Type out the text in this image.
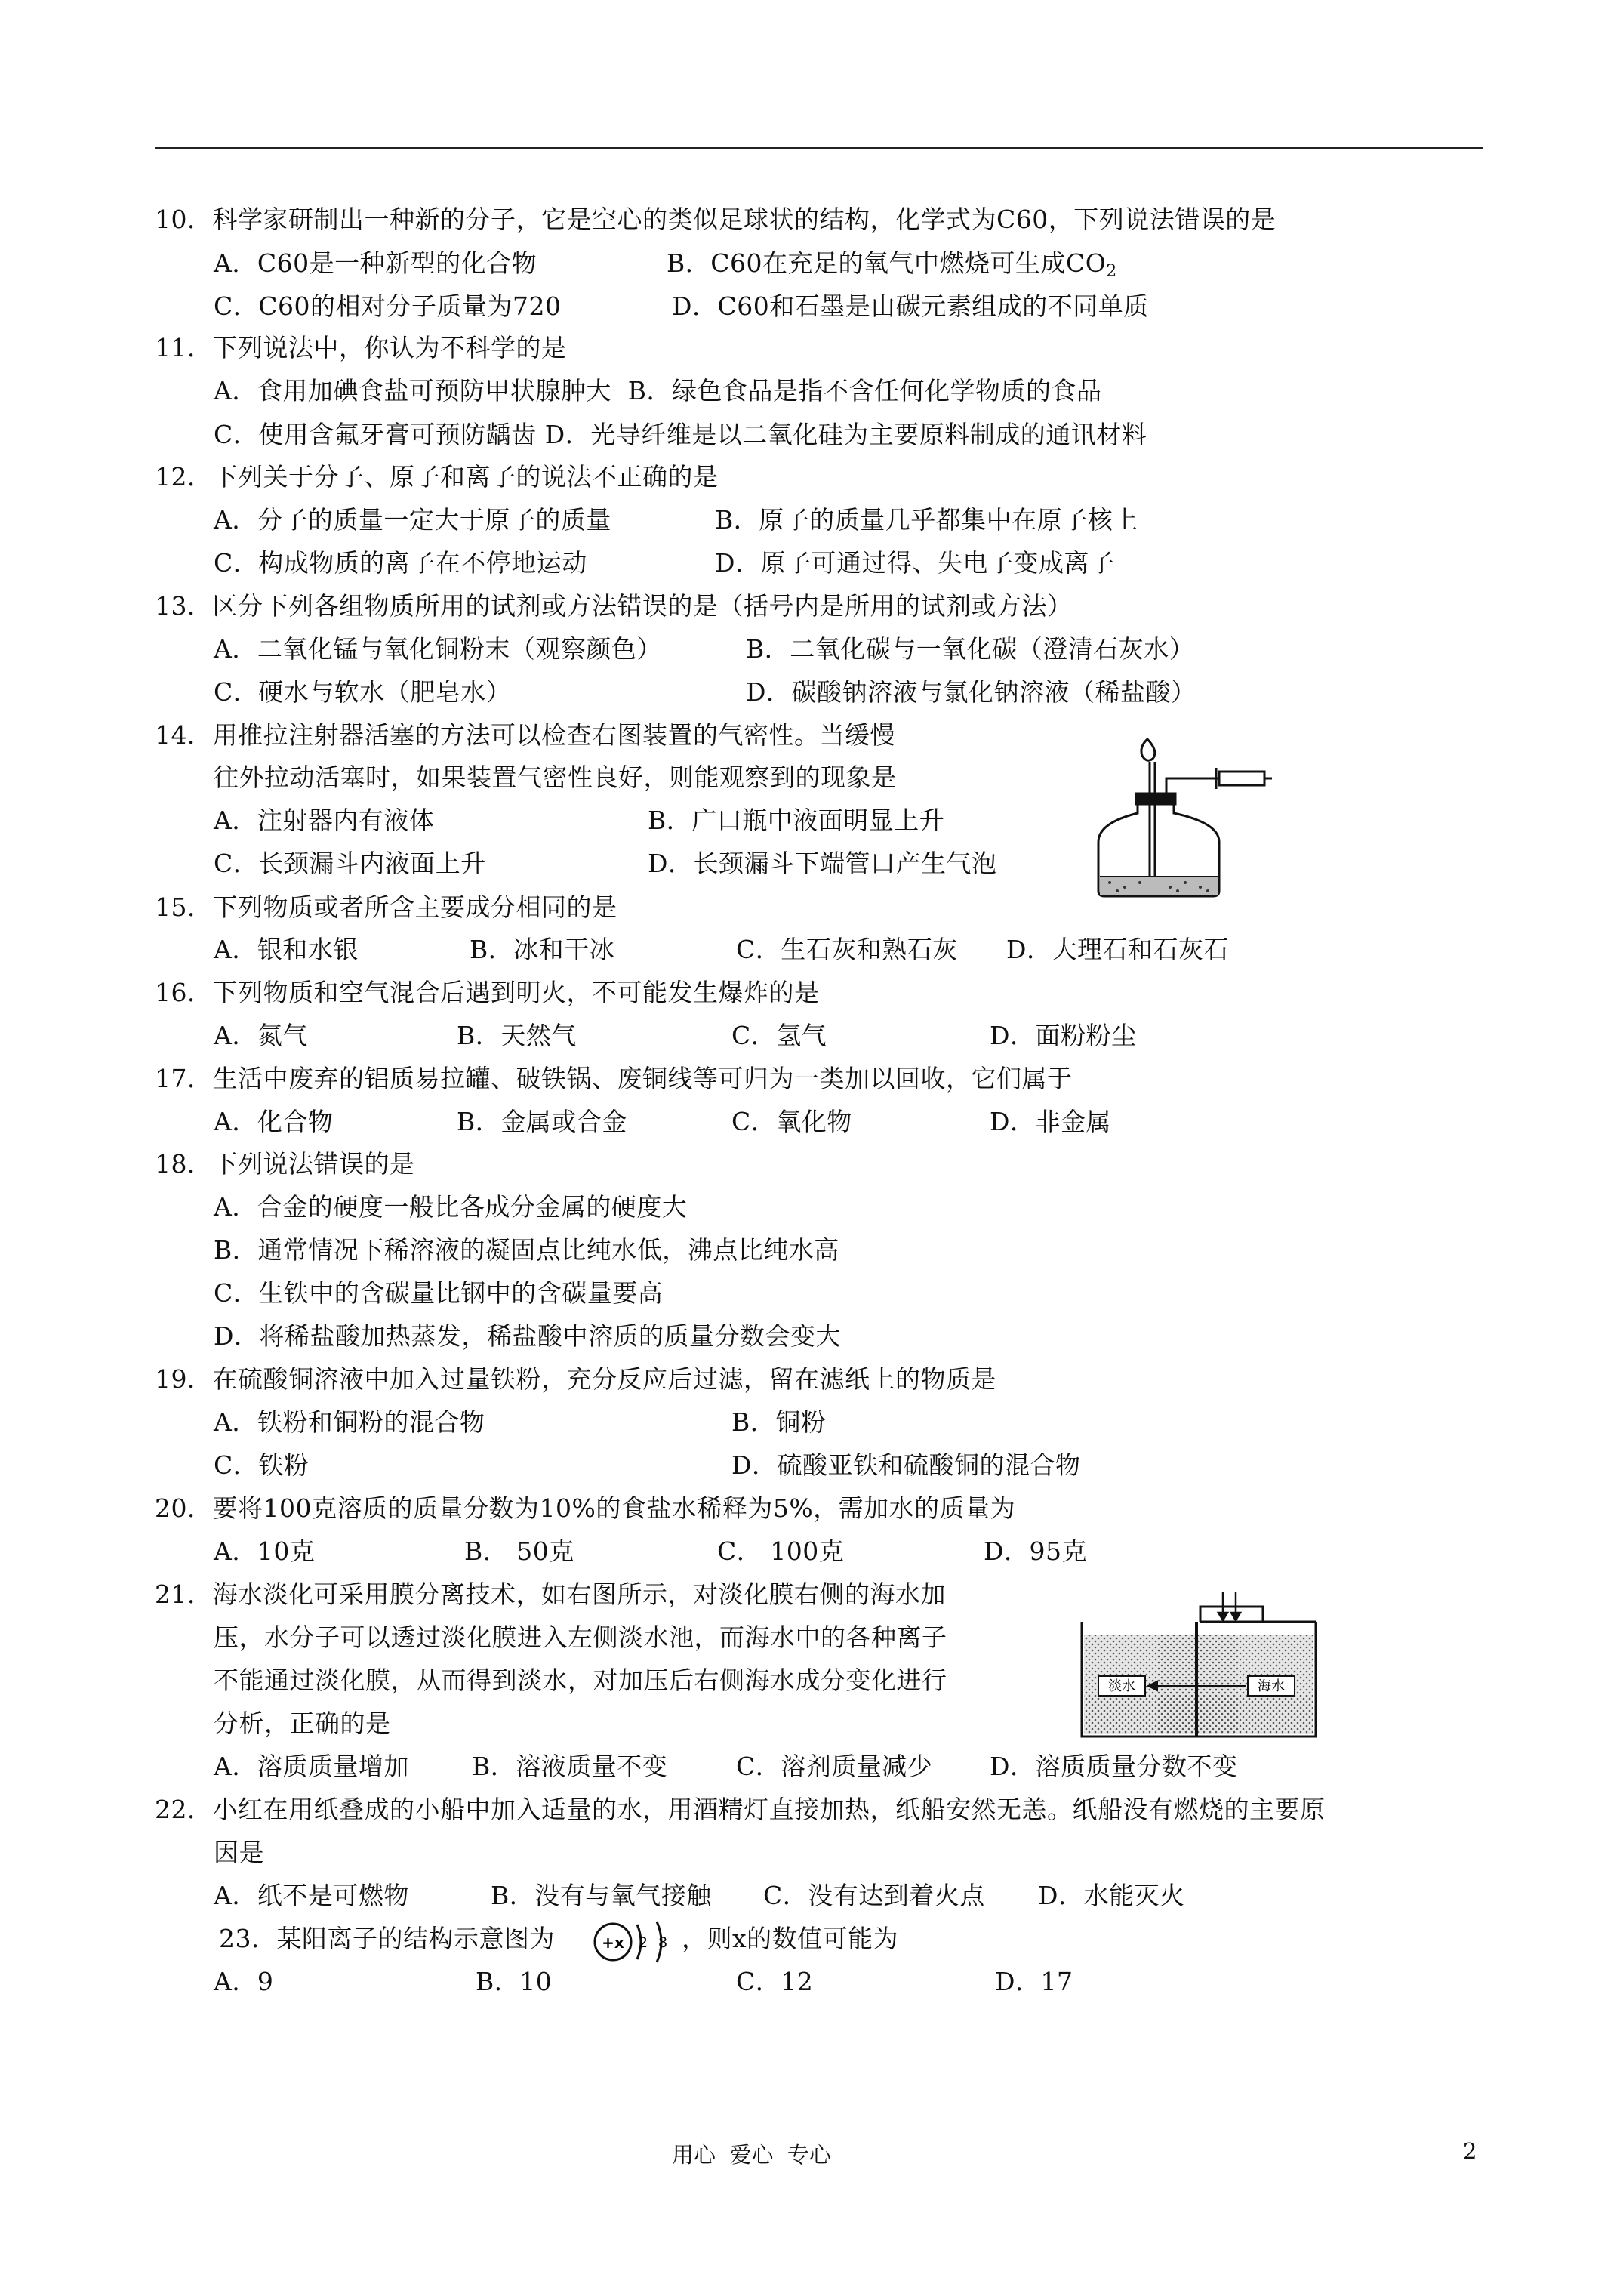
10．科学家研制出一种新的分子，它是空心的类似足球状的结构，化学式为C60，下列说法错误的是
A．C60是一种新型的化合物	B．C60在充足的氧气中燃烧可生成$CO_2$
C．C60的相对分子质量为720	D．C60和石墨是由碳元素组成的不同单质
11．下列说法中，你认为不科学的是
A．食用加碘食盐可预防甲状腺肿大  B．绿色食品是指不含任何化学物质的食品
C．使用含氟牙膏可预防龋齿 D．光导纤维是以二氧化硅为主要原料制成的通讯材料
12．下列关于分子、原子和离子的说法不正确的是
A．分子的质量一定大于原子的质量	B．原子的质量几乎都集中在原子核上
C．构成物质的离子在不停地运动	D．原子可通过得、失电子变成离子
13．区分下列各组物质所用的试剂或方法错误的是（括号内是所用的试剂或方法）
A．二氧化锰与氧化铜粉末（观察颜色）	B．二氧化碳与一氧化碳（澄清石灰水）
C．硬水与软水（肥皂水）	D．碳酸钠溶液与氯化钠溶液（稀盐酸）
14．用推拉注射器活塞的方法可以检查右图装置的气密性。当缓慢
往外拉动活塞时，如果装置气密性良好，则能观察到的现象是
A．注射器内有液体	B．广口瓶中液面明显上升
C．长颈漏斗内液面上升	D．长颈漏斗下端管口产生气泡
15．下列物质或者所含主要成分相同的是
A．银和水银	B．冰和干冰	C．生石灰和熟石灰 D．大理石和石灰石
16．下列物质和空气混合后遇到明火，不可能发生爆炸的是
A．氮气	B．天然气	C．氢气	D．面粉粉尘
17．生活中废弃的铝质易拉罐、破铁锅、废铜线等可归为一类加以回收，它们属于
A．化合物	B．金属或合金	C．氧化物	D．非金属
18．下列说法错误的是
A．合金的硬度一般比各成分金属的硬度大
B．通常情况下稀溶液的凝固点比纯水低，沸点比纯水高
C．生铁中的含碳量比钢中的含碳量要高
D．将稀盐酸加热蒸发，稀盐酸中溶质的质量分数会变大
19．在硫酸铜溶液中加入过量铁粉，充分反应后过滤，留在滤纸上的物质是
A．铁粉和铜粉的混合物	B．铜粉
C．铁粉	D．硫酸亚铁和硫酸铜的混合物
20．要将100克溶质的质量分数为10%的食盐水稀释为5%，需加水的质量为
A．10克	B． 50克	C． 100克	D．95克
21．海水淡化可采用膜分离技术，如右图所示，对淡化膜右侧的海水加
压，水分子可以透过淡化膜进入左侧淡水池，而海水中的各种离子
不能通过淡化膜，从而得到淡水，对加压后右侧海水成分变化进行
分析，正确的是
A．溶质质量增加	B．溶液质量不变	C．溶剂质量减少 D．溶质质量分数不变
淡水	海水
22．小红在用纸叠成的小船中加入适量的水，用酒精灯直接加热，纸船安然无恙。纸船没有燃烧的主要原
因是
A．纸不是可燃物	B．没有与氧气接触 C．没有达到着火点 D．水能灭火
23．某阳离子的结构示意图为	+x 2 8 ，则x的数值可能为
A．9	B．10	C．12	D．17
用心  爱心  专心	2
